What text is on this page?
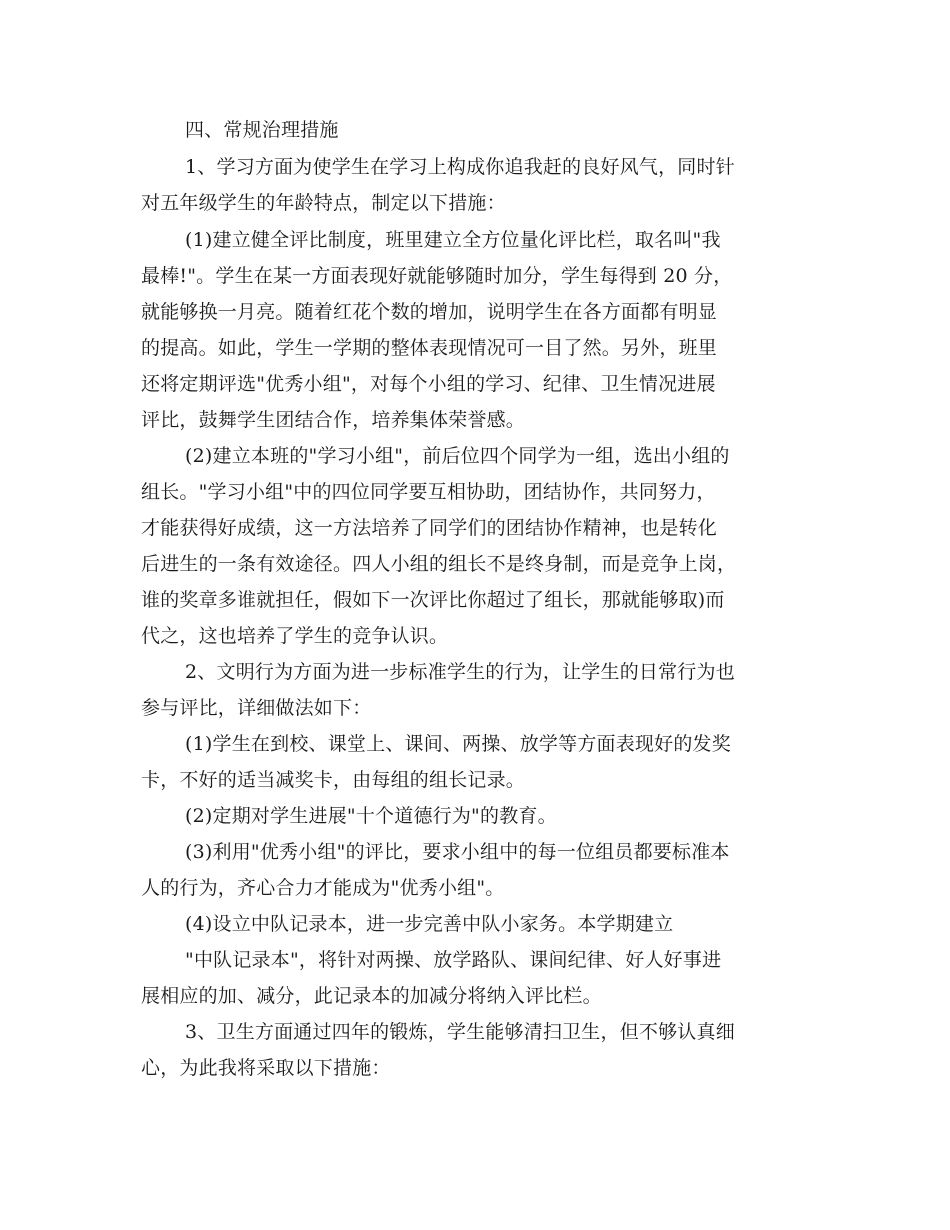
四、常规治理措施
1、学习方面为使学生在学习上构成你追我赶的良好风气，同时针
对五年级学生的年龄特点，制定以下措施：
(1)建立健全评比制度，班里建立全方位量化评比栏，取名叫"我
最棒!"。学生在某一方面表现好就能够随时加分，学生每得到 20 分，
就能够换一月亮。随着红花个数的增加，说明学生在各方面都有明显
的提高。如此，学生一学期的整体表现情况可一目了然。另外，班里
还将定期评选"优秀小组"，对每个小组的学习、纪律、卫生情况进展
评比，鼓舞学生团结合作，培养集体荣誉感。
(2)建立本班的"学习小组"，前后位四个同学为一组，选出小组的
组长。"学习小组"中的四位同学要互相协助，团结协作，共同努力，
才能获得好成绩，这一方法培养了同学们的团结协作精神，也是转化
后进生的一条有效途径。四人小组的组长不是终身制，而是竞争上岗，
谁的奖章多谁就担任，假如下一次评比你超过了组长，那就能够取)而
代之，这也培养了学生的竞争认识。
2、文明行为方面为进一步标准学生的行为，让学生的日常行为也
参与评比，详细做法如下：
(1)学生在到校、课堂上、课间、两操、放学等方面表现好的发奖
卡，不好的适当减奖卡，由每组的组长记录。
(2)定期对学生进展"十个道德行为"的教育。
(3)利用"优秀小组"的评比，要求小组中的每一位组员都要标准本
人的行为，齐心合力才能成为"优秀小组"。
(4)设立中队记录本，进一步完善中队小家务。本学期建立
"中队记录本"，将针对两操、放学路队、课间纪律、好人好事进
展相应的加、减分，此记录本的加减分将纳入评比栏。
3、卫生方面通过四年的锻炼，学生能够清扫卫生，但不够认真细
心，为此我将采取以下措施：
